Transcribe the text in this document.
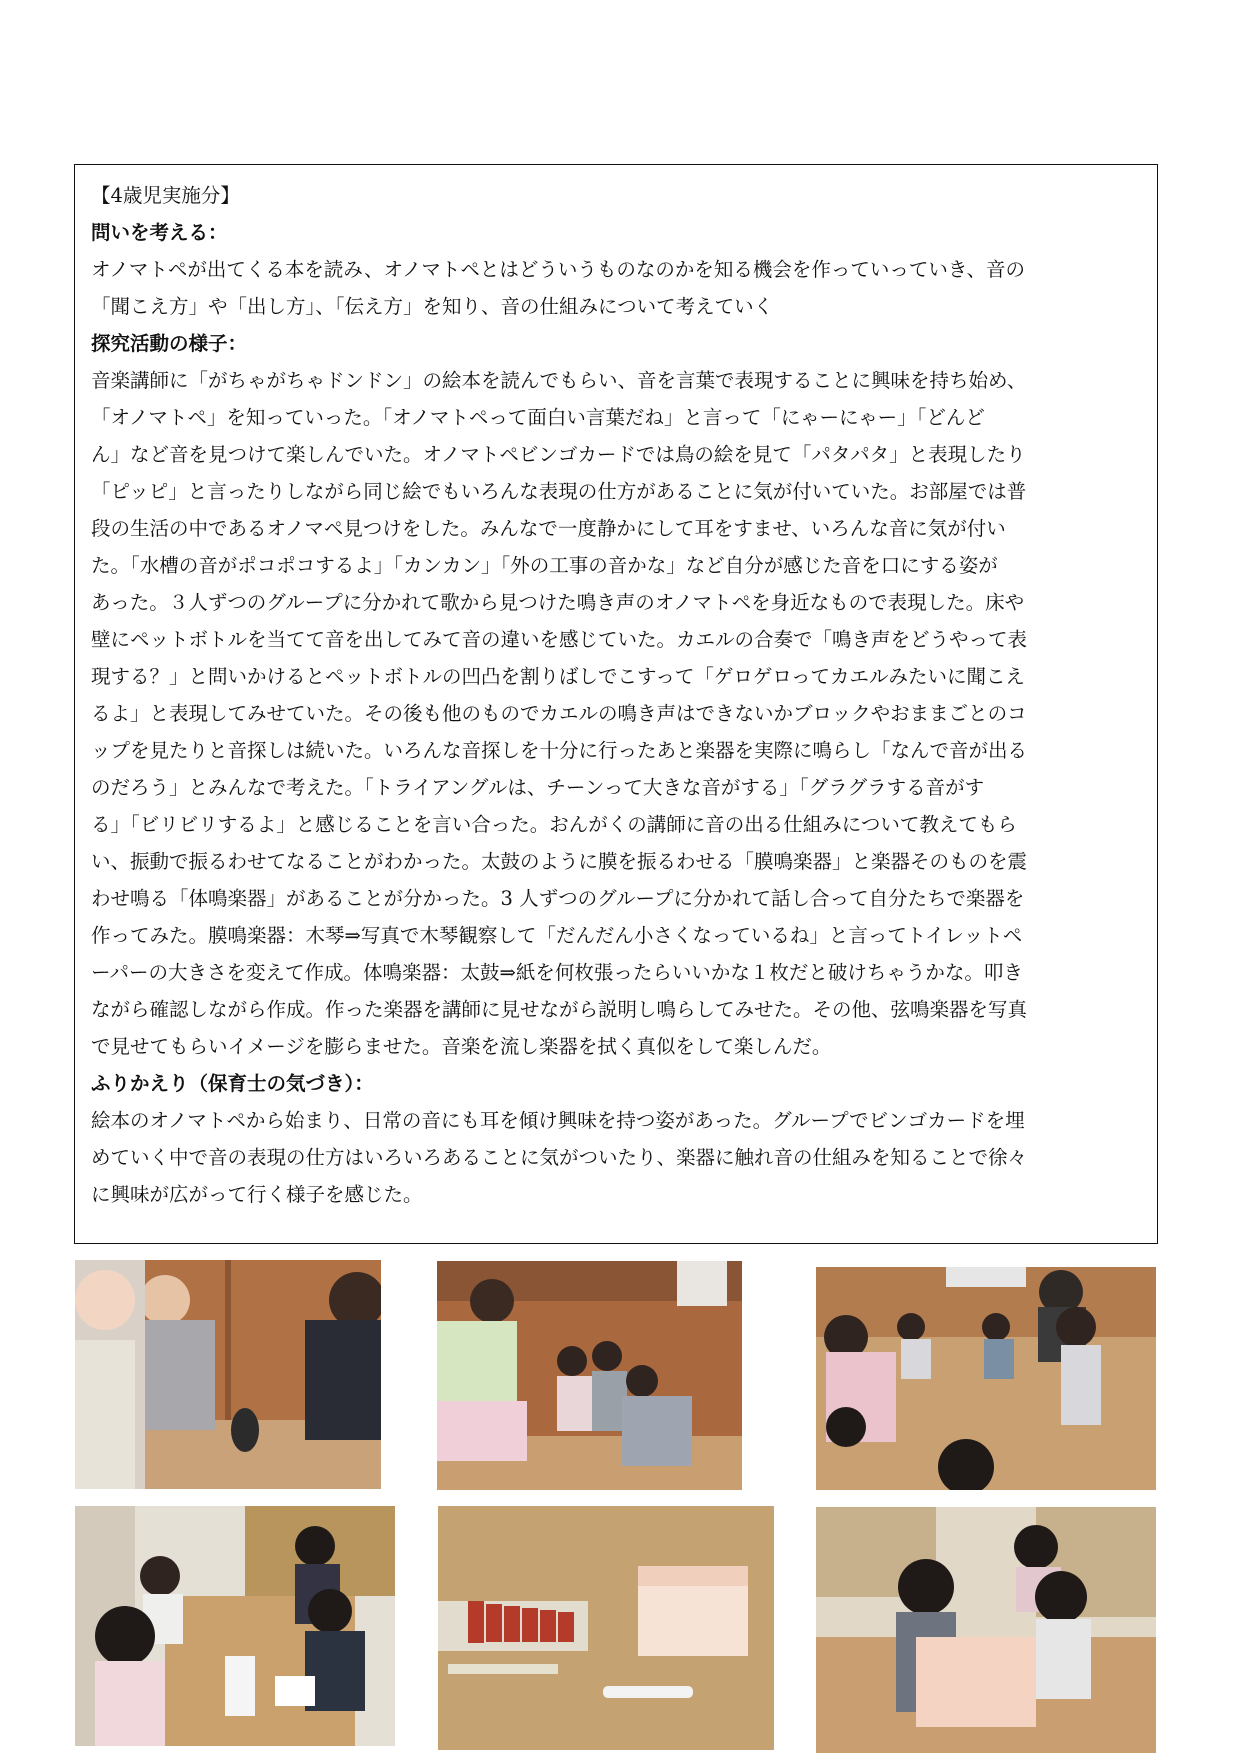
【4歳児実施分】

問いを考える：

オノマトペが出てくる本を読み、オノマトペとはどういうものなのかを知る機会を作っていっていき、音の

「聞こえ方」や「出し方」、「伝え方」を知り、音の仕組みについて考えていく

探究活動の様子：

音楽講師に「がちゃがちゃドンドン」の絵本を読んでもらい、音を言葉で表現することに興味を持ち始め、

「オノマトペ」を知っていった。「オノマトペって面白い言葉だね」と言って「にゃーにゃー」「どんど

ん」など音を見つけて楽しんでいた。オノマトペビンゴカードでは鳥の絵を見て「パタパタ」と表現したり

「ピッピ」と言ったりしながら同じ絵でもいろんな表現の仕方があることに気が付いていた。お部屋では普

段の生活の中であるオノマペ見つけをした。みんなで一度静かにして耳をすませ、いろんな音に気が付い

た。「水槽の音がポコポコするよ」「カンカン」「外の工事の音かな」など自分が感じた音を口にする姿が

あった。３人ずつのグループに分かれて歌から見つけた鳴き声のオノマトペを身近なもので表現した。床や

壁にペットボトルを当てて音を出してみて音の違いを感じていた。カエルの合奏で「鳴き声をどうやって表

現する？」と問いかけるとペットボトルの凹凸を割りばしでこすって「ゲロゲロってカエルみたいに聞こえ

るよ」と表現してみせていた。その後も他のものでカエルの鳴き声はできないかブロックやおままごとのコ

ップを見たりと音探しは続いた。いろんな音探しを十分に行ったあと楽器を実際に鳴らし「なんで音が出る

のだろう」とみんなで考えた。「トライアングルは、チーンって大きな音がする」「グラグラする音がす

る」「ビリビリするよ」と感じることを言い合った。おんがくの講師に音の出る仕組みについて教えてもら

い、振動で振るわせてなることがわかった。太鼓のように膜を振るわせる「膜鳴楽器」と楽器そのものを震

わせ鳴る「体鳴楽器」があることが分かった。3 人ずつのグループに分かれて話し合って自分たちで楽器を

作ってみた。膜鳴楽器：木琴⇒写真で木琴観察して「だんだん小さくなっているね」と言ってトイレットペ

ーパーの大きさを変えて作成。体鳴楽器：太鼓⇒紙を何枚張ったらいいかな１枚だと破けちゃうかな。叩き

ながら確認しながら作成。作った楽器を講師に見せながら説明し鳴らしてみせた。その他、弦鳴楽器を写真

で見せてもらいイメージを膨らませた。音楽を流し楽器を拭く真似をして楽しんだ。

ふりかえり（保育士の気づき）：

絵本のオノマトペから始まり、日常の音にも耳を傾け興味を持つ姿があった。グループでビンゴカードを埋

めていく中で音の表現の仕方はいろいろあることに気がついたり、楽器に触れ音の仕組みを知ることで徐々

に興味が広がって行く様子を感じた。
